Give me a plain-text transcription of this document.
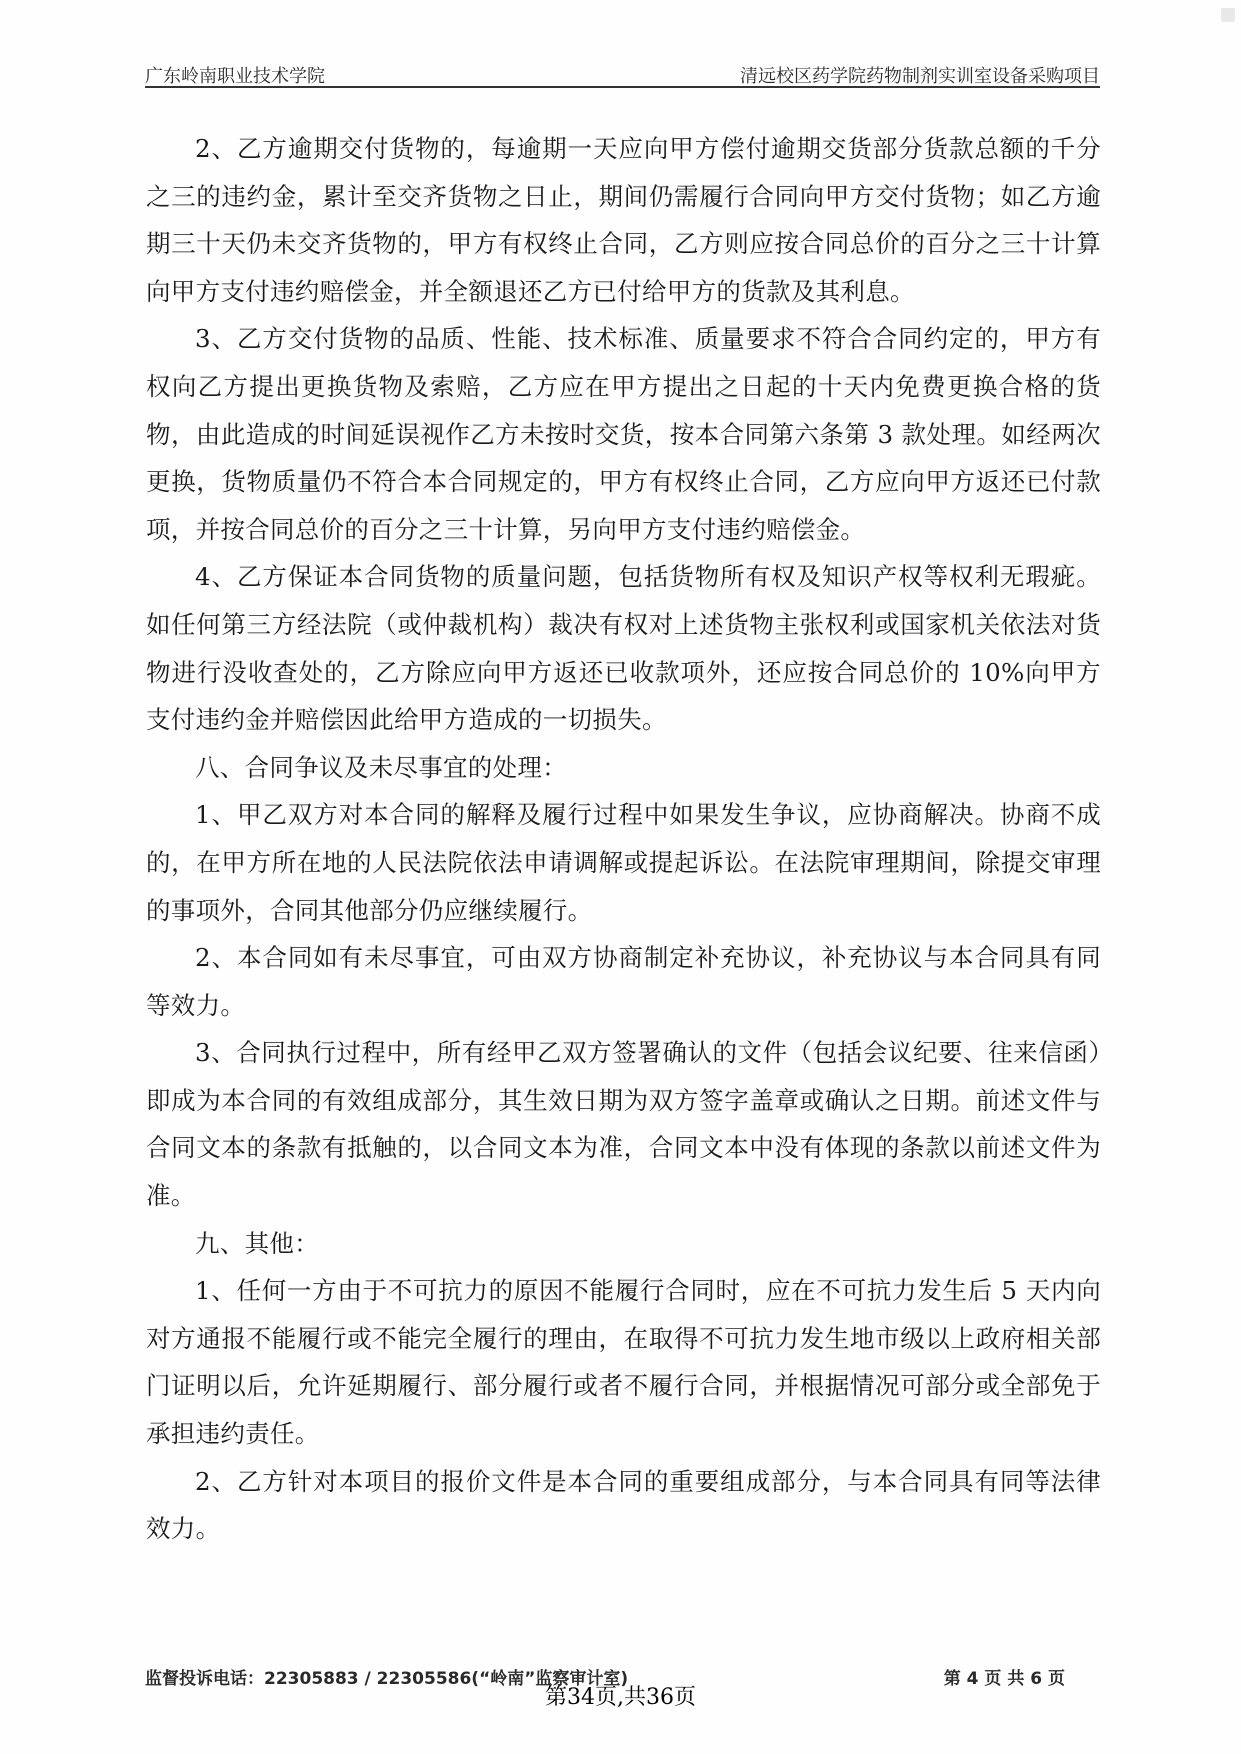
广东岭南职业技术学院	清远校区药学院药物制剂实训室设备采购项目

2、乙方逾期交付货物的，每逾期一天应向甲方偿付逾期交货部分货款总额的千分之三的违约金，累计至交齐货物之日止，期间仍需履行合同向甲方交付货物；如乙方逾期三十天仍未交齐货物的，甲方有权终止合同，乙方则应按合同总价的百分之三十计算向甲方支付违约赔偿金，并全额退还乙方已付给甲方的货款及其利息。

3、乙方交付货物的品质、性能、技术标准、质量要求不符合合同约定的，甲方有权向乙方提出更换货物及索赔，乙方应在甲方提出之日起的十天内免费更换合格的货物，由此造成的时间延误视作乙方未按时交货，按本合同第六条第 3 款处理。如经两次更换，货物质量仍不符合本合同规定的，甲方有权终止合同，乙方应向甲方返还已付款项，并按合同总价的百分之三十计算，另向甲方支付违约赔偿金。

4、乙方保证本合同货物的质量问题，包括货物所有权及知识产权等权利无瑕疵。如任何第三方经法院（或仲裁机构）裁决有权对上述货物主张权利或国家机关依法对货物进行没收查处的，乙方除应向甲方返还已收款项外，还应按合同总价的 10%向甲方支付违约金并赔偿因此给甲方造成的一切损失。

八、合同争议及未尽事宜的处理：

1、甲乙双方对本合同的解释及履行过程中如果发生争议，应协商解决。协商不成的，在甲方所在地的人民法院依法申请调解或提起诉讼。在法院审理期间，除提交审理的事项外，合同其他部分仍应继续履行。

2、本合同如有未尽事宜，可由双方协商制定补充协议，补充协议与本合同具有同等效力。

3、合同执行过程中，所有经甲乙双方签署确认的文件（包括会议纪要、往来信函）即成为本合同的有效组成部分，其生效日期为双方签字盖章或确认之日期。前述文件与合同文本的条款有抵触的，以合同文本为准，合同文本中没有体现的条款以前述文件为准。

九、其他：

1、任何一方由于不可抗力的原因不能履行合同时，应在不可抗力发生后 5 天内向对方通报不能履行或不能完全履行的理由，在取得不可抗力发生地市级以上政府相关部门证明以后，允许延期履行、部分履行或者不履行合同，并根据情况可部分或全部免于承担违约责任。

2、乙方针对本项目的报价文件是本合同的重要组成部分，与本合同具有同等法律效力。

监督投诉电话：22305883 / 22305586(“岭南”监察审计室)	第 4 页 共 6 页
第34页,共36页
